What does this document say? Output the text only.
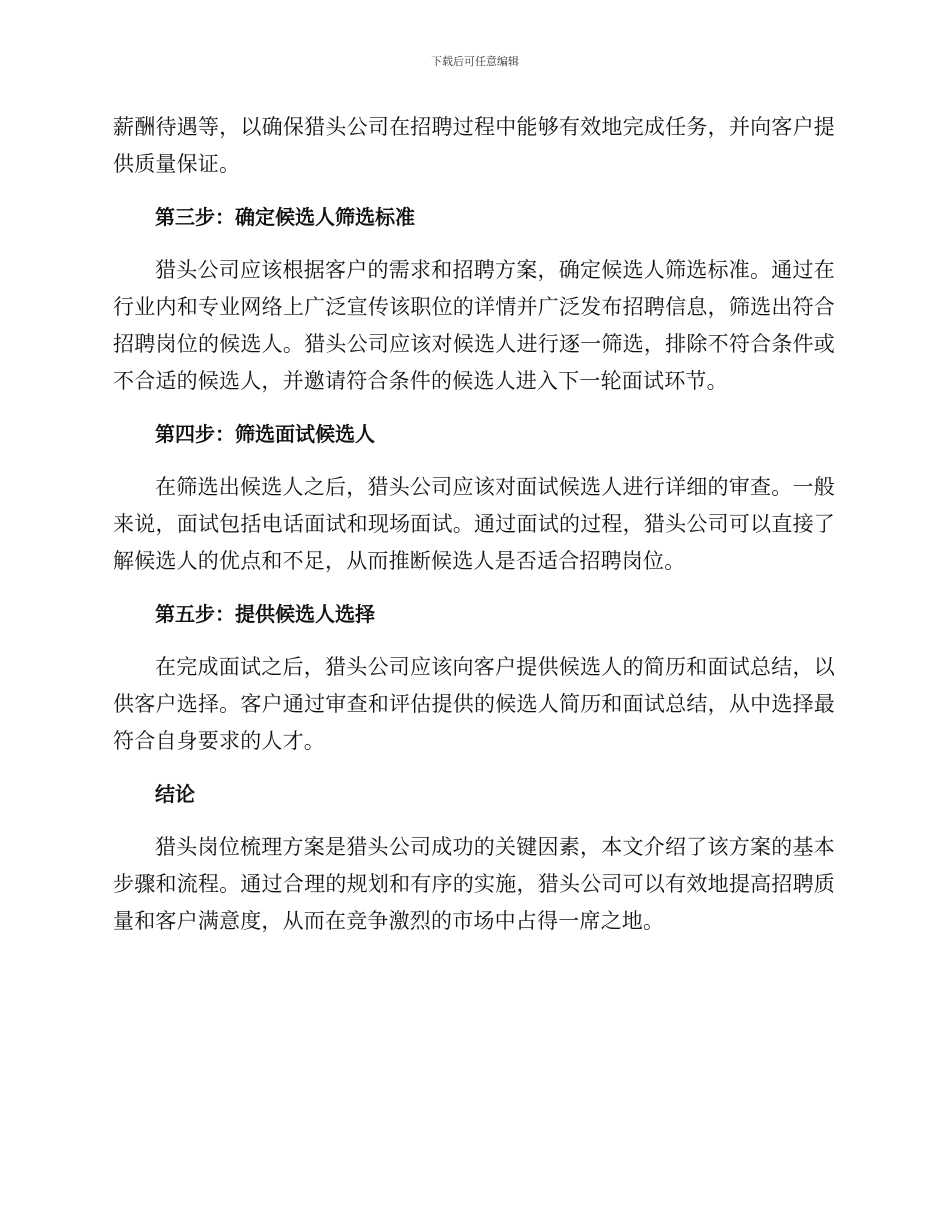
下载后可任意编辑

薪酬待遇等，以确保猎头公司在招聘过程中能够有效地完成任务，并向客户提供质量保证。

第三步：确定候选人筛选标准

猎头公司应该根据客户的需求和招聘方案，确定候选人筛选标准。通过在行业内和专业网络上广泛宣传该职位的详情并广泛发布招聘信息，筛选出符合招聘岗位的候选人。猎头公司应该对候选人进行逐一筛选，排除不符合条件或不合适的候选人，并邀请符合条件的候选人进入下一轮面试环节。

第四步：筛选面试候选人

在筛选出候选人之后，猎头公司应该对面试候选人进行详细的审查。一般来说，面试包括电话面试和现场面试。通过面试的过程，猎头公司可以直接了解候选人的优点和不足，从而推断候选人是否适合招聘岗位。

第五步：提供候选人选择

在完成面试之后，猎头公司应该向客户提供候选人的简历和面试总结，以供客户选择。客户通过审查和评估提供的候选人简历和面试总结，从中选择最符合自身要求的人才。

结论

猎头岗位梳理方案是猎头公司成功的关键因素，本文介绍了该方案的基本步骤和流程。通过合理的规划和有序的实施，猎头公司可以有效地提高招聘质量和客户满意度，从而在竞争激烈的市场中占得一席之地。
